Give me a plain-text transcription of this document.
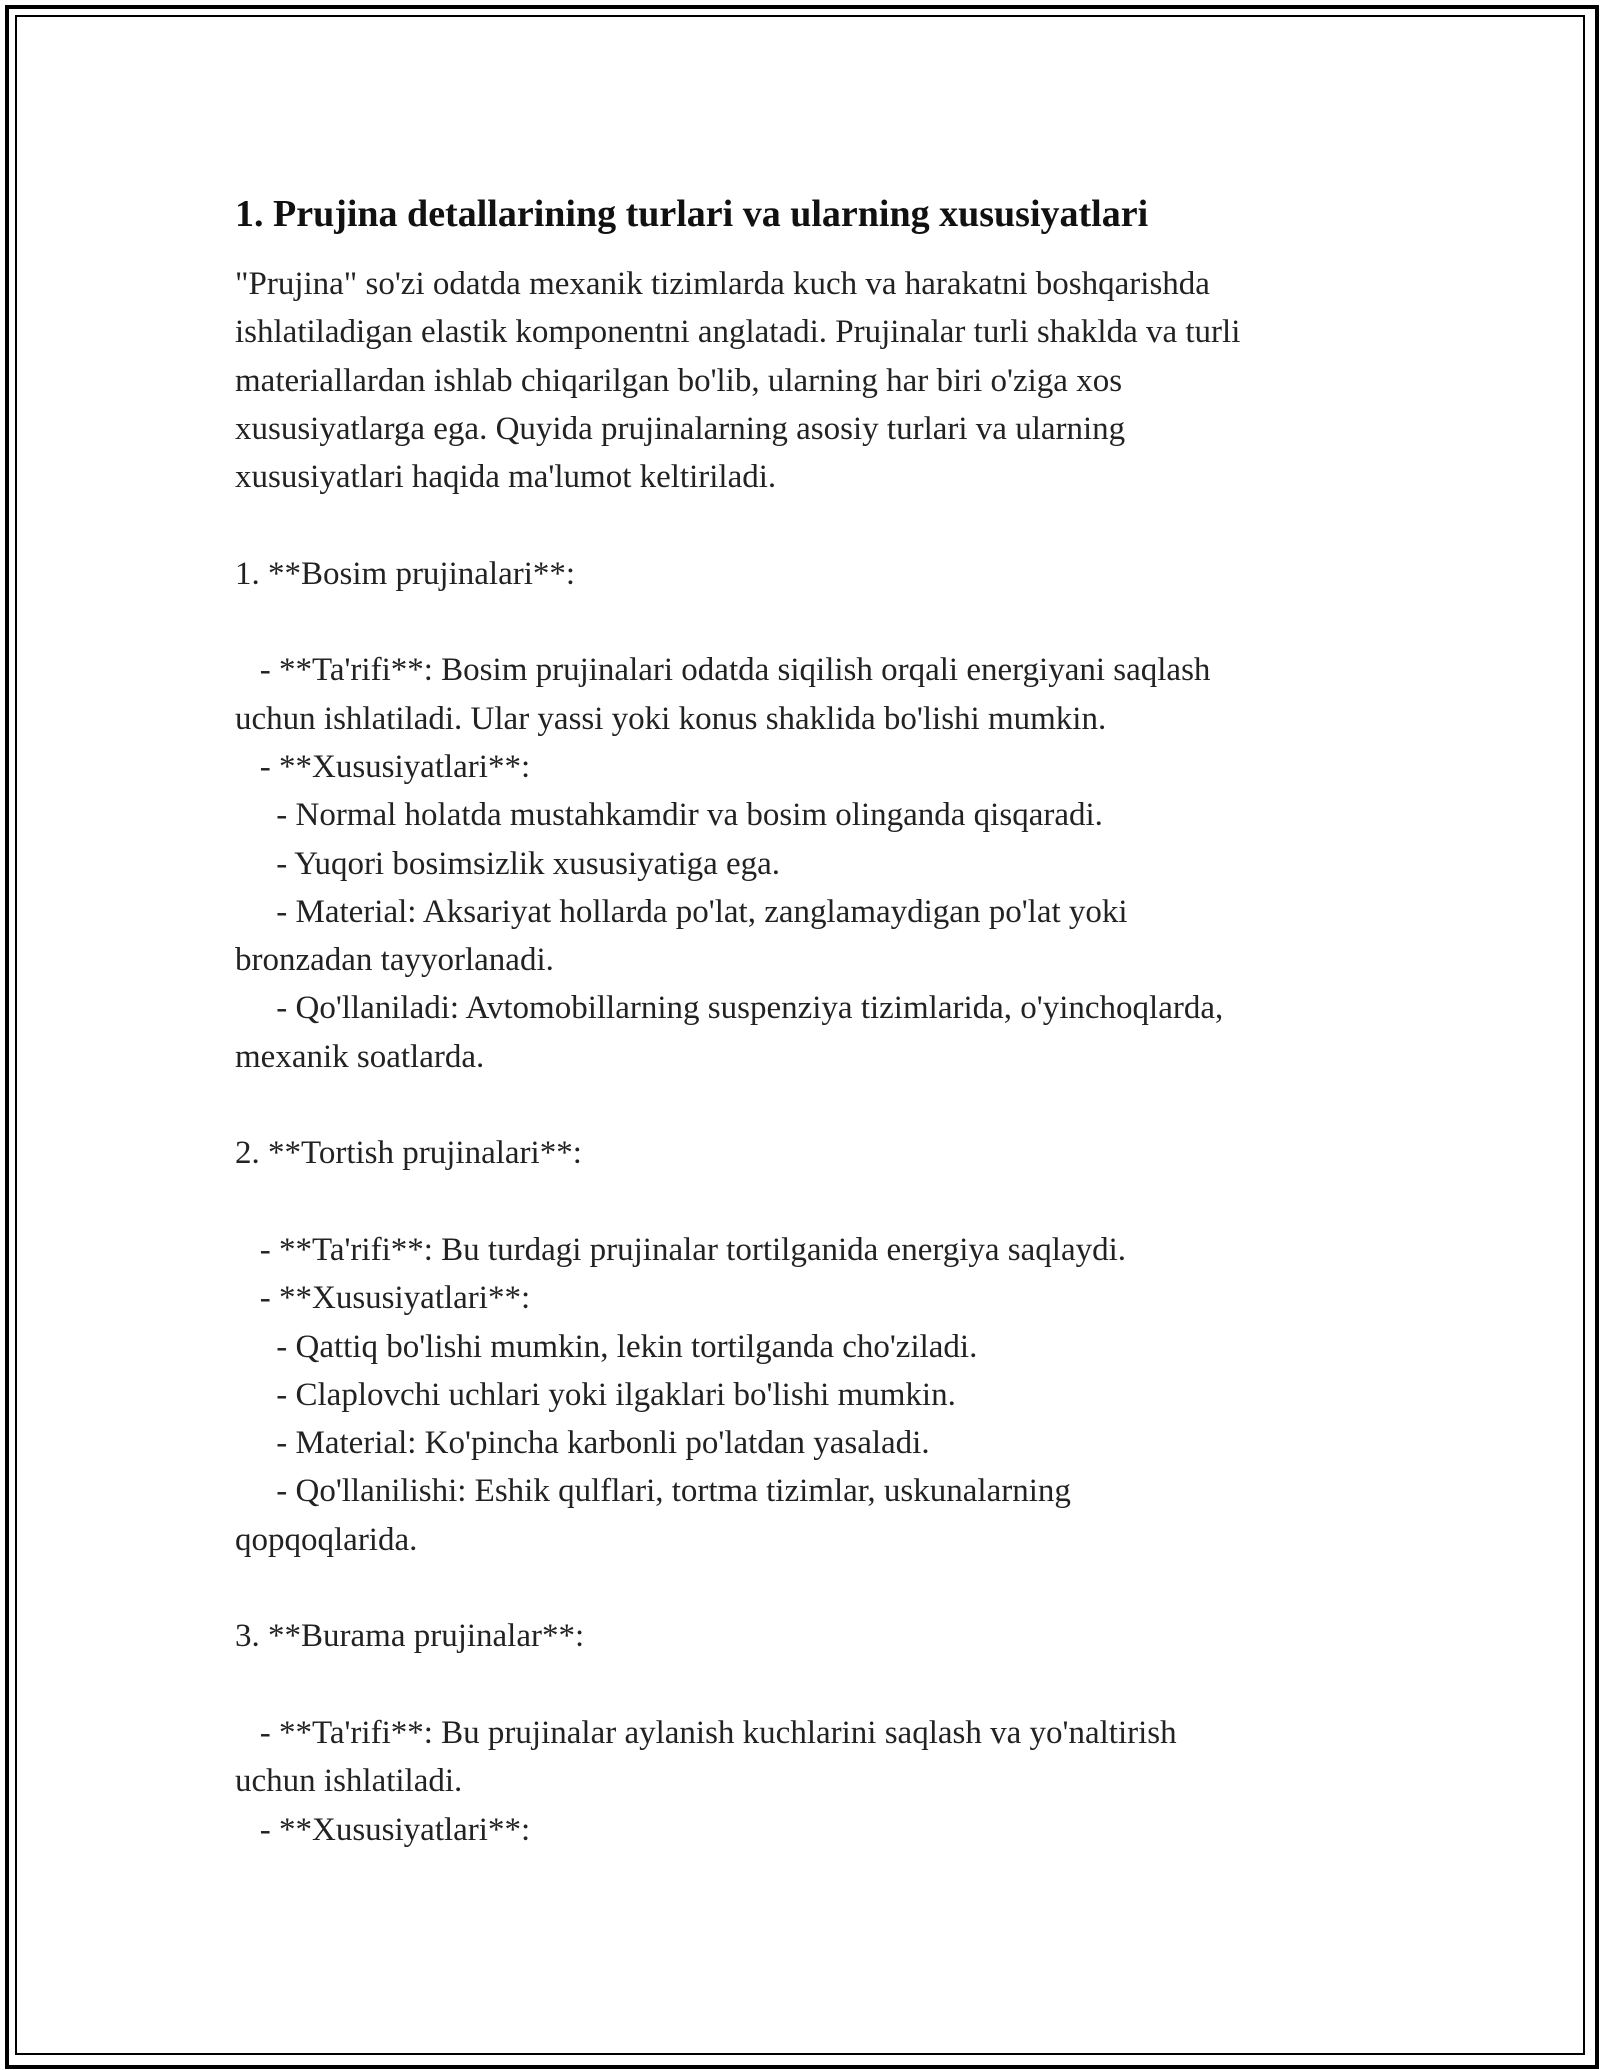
1. Prujina detallarining turlari va ularning xususiyatlari
"Prujina" so'zi odatda mexanik tizimlarda kuch va harakatni boshqarishda
ishlatiladigan elastik komponentni anglatadi. Prujinalar turli shaklda va turli
materiallardan ishlab chiqarilgan bo'lib, ularning har biri o'ziga xos
xususiyatlarga ega. Quyida prujinalarning asosiy turlari va ularning
xususiyatlari haqida ma'lumot keltiriladi.
1. **Bosim prujinalari**:
- **Ta'rifi**: Bosim prujinalari odatda siqilish orqali energiyani saqlash
uchun ishlatiladi. Ular yassi yoki konus shaklida bo'lishi mumkin.
- **Xususiyatlari**:
- Normal holatda mustahkamdir va bosim olinganda qisqaradi.
- Yuqori bosimsizlik xususiyatiga ega.
- Material: Aksariyat hollarda po'lat, zanglamaydigan po'lat yoki
bronzadan tayyorlanadi.
- Qo'llaniladi: Avtomobillarning suspenziya tizimlarida, o'yinchoqlarda,
mexanik soatlarda.
2. **Tortish prujinalari**:
- **Ta'rifi**: Bu turdagi prujinalar tortilganida energiya saqlaydi.
- **Xususiyatlari**:
- Qattiq bo'lishi mumkin, lekin tortilganda cho'ziladi.
- Claplovchi uchlari yoki ilgaklari bo'lishi mumkin.
- Material: Ko'pincha karbonli po'latdan yasaladi.
- Qo'llanilishi: Eshik qulflari, tortma tizimlar, uskunalarning
qopqoqlarida.
3. **Burama prujinalar**:
- **Ta'rifi**: Bu prujinalar aylanish kuchlarini saqlash va yo'naltirish
uchun ishlatiladi.
- **Xususiyatlari**:
